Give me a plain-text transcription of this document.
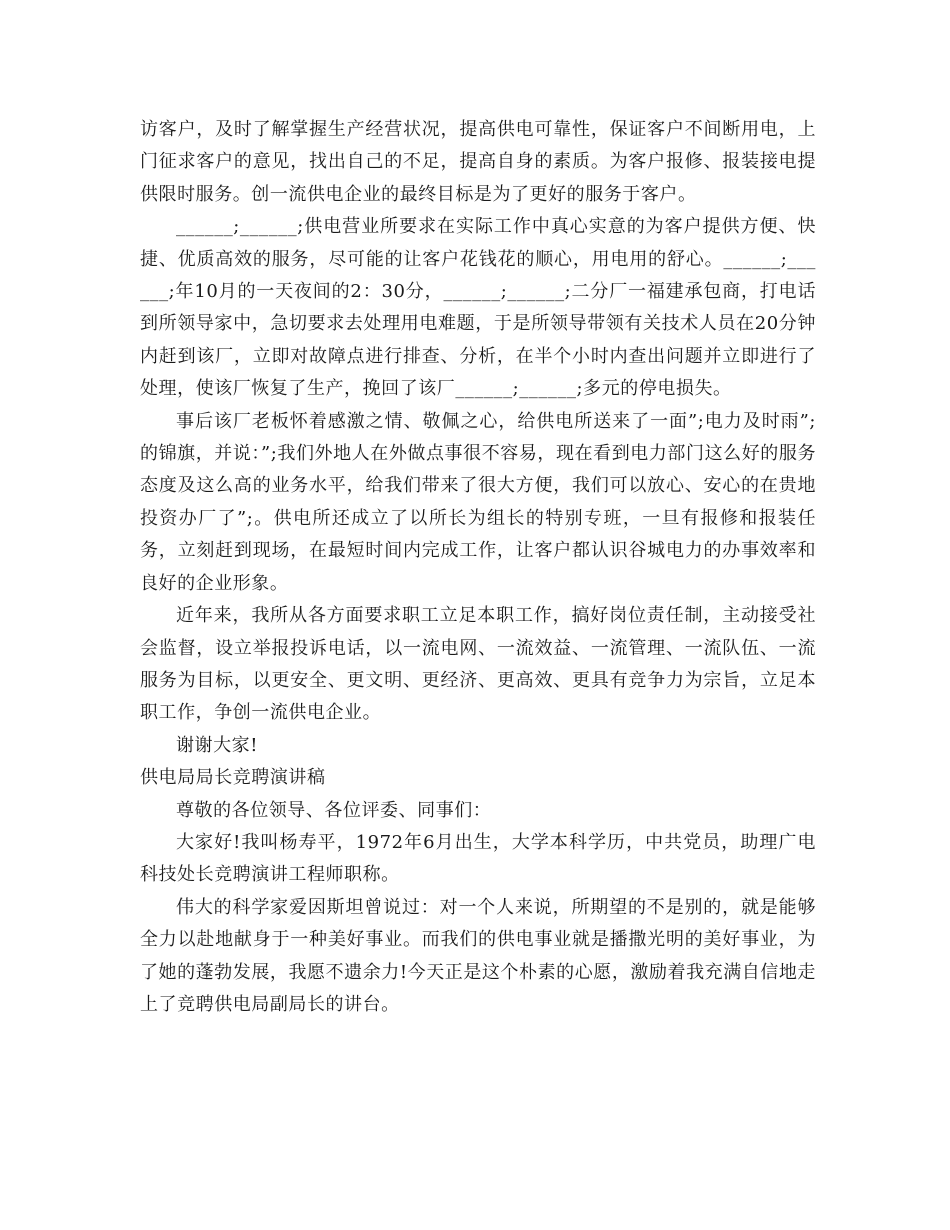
访客户，及时了解掌握生产经营状况，提高供电可靠性，保证客户不间断用电，上门征求客户的意见，找出自己的不足，提高自身的素质。为客户报修、报装接电提供限时服务。创一流供电企业的最终目标是为了更好的服务于客户。

______;______;供电营业所要求在实际工作中真心实意的为客户提供方便、快捷、优质高效的服务，尽可能的让客户花钱花的顺心，用电用的舒心。______;______;年10月的一天夜间的2：30分，______;______;二分厂一福建承包商，打电话到所领导家中，急切要求去处理用电难题，于是所领导带领有关技术人员在20分钟内赶到该厂，立即对故障点进行排查、分析，在半个小时内查出问题并立即进行了处理，使该厂恢复了生产，挽回了该厂______;______;多元的停电损失。

事后该厂老板怀着感激之情、敬佩之心，给供电所送来了一面”;电力及时雨”;的锦旗，并说：”;我们外地人在外做点事很不容易，现在看到电力部门这么好的服务态度及这么高的业务水平，给我们带来了很大方便，我们可以放心、安心的在贵地投资办厂了”;。供电所还成立了以所长为组长的特别专班，一旦有报修和报装任务，立刻赶到现场，在最短时间内完成工作，让客户都认识谷城电力的办事效率和良好的企业形象。

近年来，我所从各方面要求职工立足本职工作，搞好岗位责任制，主动接受社会监督，设立举报投诉电话，以一流电网、一流效益、一流管理、一流队伍、一流服务为目标，以更安全、更文明、更经济、更高效、更具有竞争力为宗旨，立足本职工作，争创一流供电企业。

谢谢大家!

供电局局长竞聘演讲稿

尊敬的各位领导、各位评委、同事们：

大家好!我叫杨寿平，1972年6月出生，大学本科学历，中共党员，助理广电科技处长竞聘演讲工程师职称。

伟大的科学家爱因斯坦曾说过：对一个人来说，所期望的不是别的，就是能够全力以赴地献身于一种美好事业。而我们的供电事业就是播撒光明的美好事业，为了她的蓬勃发展，我愿不遗余力!今天正是这个朴素的心愿，激励着我充满自信地走上了竞聘供电局副局长的讲台。
